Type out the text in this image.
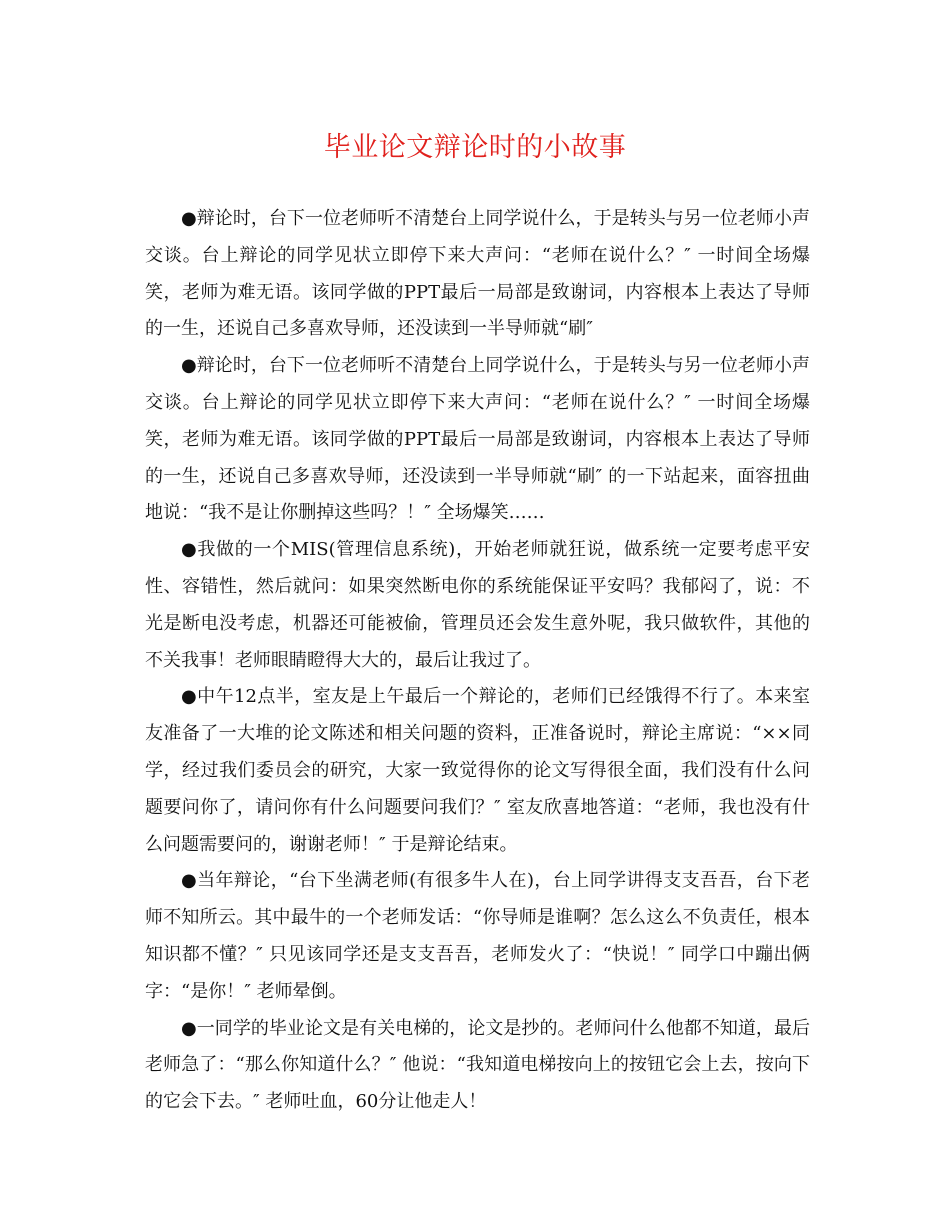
毕业论文辩论时的小故事

●辩论时，台下一位老师听不清楚台上同学说什么，于是转头与另一位老师小声交谈。台上辩论的同学见状立即停下来大声问：“老师在说什么？″ 一时间全场爆笑，老师为难无语。该同学做的PPT最后一局部是致谢词，内容根本上表达了导师的一生，还说自己多喜欢导师，还没读到一半导师就“刷″

●辩论时，台下一位老师听不清楚台上同学说什么，于是转头与另一位老师小声交谈。台上辩论的同学见状立即停下来大声问：“老师在说什么？″ 一时间全场爆笑，老师为难无语。该同学做的PPT最后一局部是致谢词，内容根本上表达了导师的一生，还说自己多喜欢导师，还没读到一半导师就“刷″ 的一下站起来，面容扭曲地说：“我不是让你删掉这些吗？！″ 全场爆笑……

●我做的一个MIS(管理信息系统)，开始老师就狂说，做系统一定要考虑平安性、容错性，然后就问：如果突然断电你的系统能保证平安吗？我郁闷了，说：不光是断电没考虑，机器还可能被偷，管理员还会发生意外呢，我只做软件，其他的不关我事！老师眼睛瞪得大大的，最后让我过了。

●中午12点半，室友是上午最后一个辩论的，老师们已经饿得不行了。本来室友准备了一大堆的论文陈述和相关问题的资料，正准备说时，辩论主席说：“××同学，经过我们委员会的研究，大家一致觉得你的论文写得很全面，我们没有什么问题要问你了，请问你有什么问题要问我们？″ 室友欣喜地答道：“老师，我也没有什么问题需要问的，谢谢老师！″ 于是辩论结束。

●当年辩论，“台下坐满老师(有很多牛人在)，台上同学讲得支支吾吾，台下老师不知所云。其中最牛的一个老师发话：“你导师是谁啊？怎么这么不负责任，根本知识都不懂？″ 只见该同学还是支支吾吾，老师发火了：“快说！″ 同学口中蹦出俩字：“是你！″ 老师晕倒。

●一同学的毕业论文是有关电梯的，论文是抄的。老师问什么他都不知道，最后老师急了：“那么你知道什么？″ 他说：“我知道电梯按向上的按钮它会上去，按向下的它会下去。″ 老师吐血，60分让他走人！
